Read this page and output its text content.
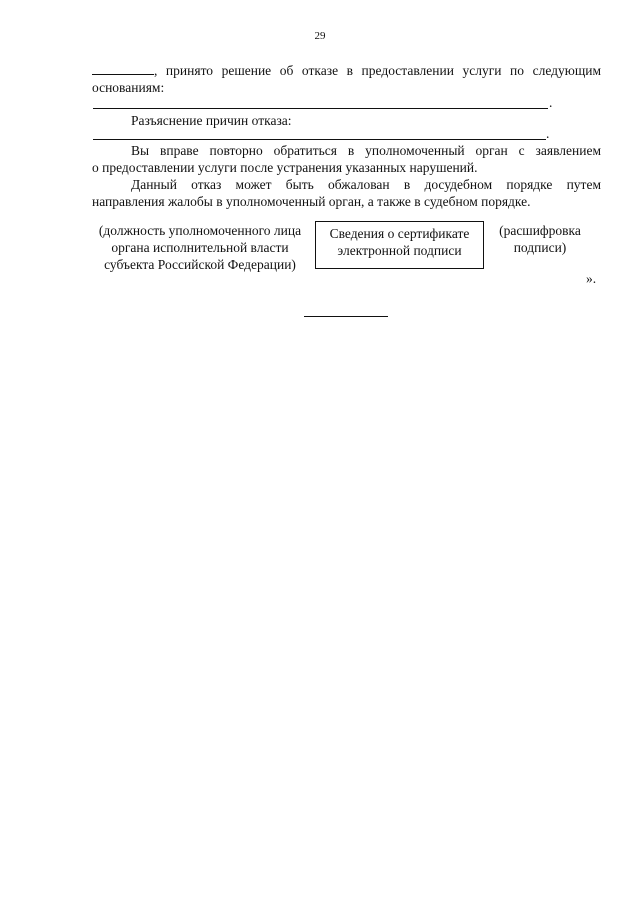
29
, принято решение об отказе в предоставлении услуги по следующим
основаниям:
.
Разъяснение причин отказа:
.
Вы вправе повторно обратиться в уполномоченный орган с заявлением
о предоставлении услуги после устранения указанных нарушений.
Данный отказ может быть обжалован в досудебном порядке путем
направления жалобы в уполномоченный орган, а также в судебном порядке.
(должность уполномоченного лица
органа исполнительной власти
субъекта Российской Федерации)
Сведения о сертификате
электронной подписи
(расшифровка
подписи)
».
